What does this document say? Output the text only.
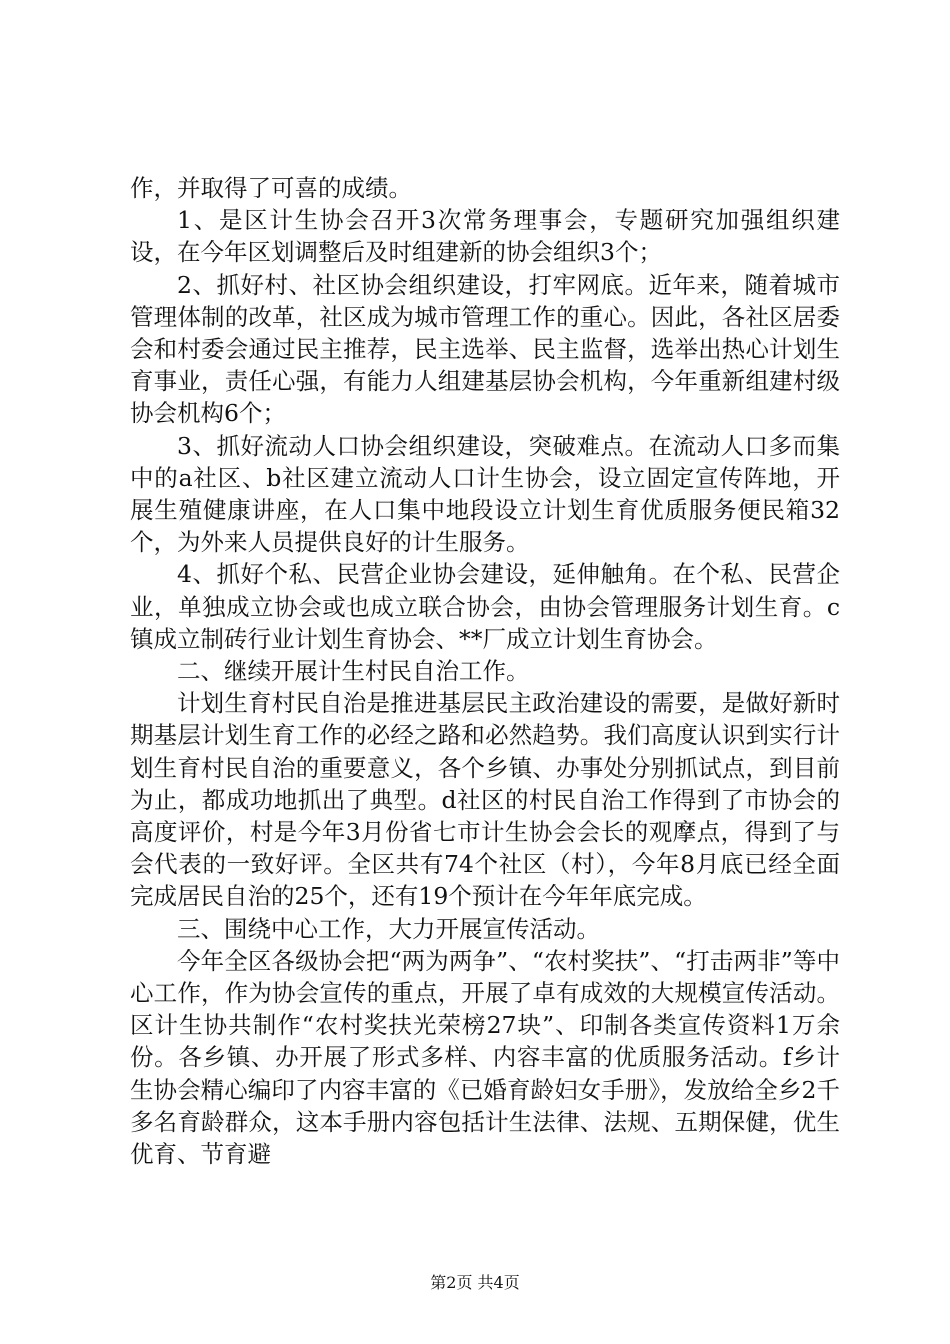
作，并取得了可喜的成绩。

1、是区计生协会召开3次常务理事会，专题研究加强组织建设，在今年区划调整后及时组建新的协会组织3个；

2、抓好村、社区协会组织建设，打牢网底。近年来，随着城市管理体制的改革，社区成为城市管理工作的重心。因此，各社区居委会和村委会通过民主推荐，民主选举、民主监督，选举出热心计划生育事业，责任心强，有能力人组建基层协会机构，今年重新组建村级协会机构6个；

3、抓好流动人口协会组织建设，突破难点。在流动人口多而集中的a社区、b社区建立流动人口计生协会，设立固定宣传阵地，开展生殖健康讲座，在人口集中地段设立计划生育优质服务便民箱32个，为外来人员提供良好的计生服务。

4、抓好个私、民营企业协会建设，延伸触角。在个私、民营企业，单独成立协会或也成立联合协会，由协会管理服务计划生育。c镇成立制砖行业计划生育协会、**厂成立计划生育协会。

二、继续开展计生村民自治工作。

计划生育村民自治是推进基层民主政治建设的需要，是做好新时期基层计划生育工作的必经之路和必然趋势。我们高度认识到实行计划生育村民自治的重要意义，各个乡镇、办事处分别抓试点，到目前为止，都成功地抓出了典型。d社区的村民自治工作得到了市协会的高度评价，村是今年3月份省七市计生协会会长的观摩点，得到了与会代表的一致好评。全区共有74个社区（村），今年8月底已经全面完成居民自治的25个，还有19个预计在今年年底完成。

三、围绕中心工作，大力开展宣传活动。

今年全区各级协会把“两为两争”、“农村奖扶”、“打击两非”等中心工作，作为协会宣传的重点，开展了卓有成效的大规模宣传活动。区计生协共制作“农村奖扶光荣榜27块”、印制各类宣传资料1万余份。各乡镇、办开展了形式多样、内容丰富的优质服务活动。f乡计生协会精心编印了内容丰富的《已婚育龄妇女手册》，发放给全乡2千多名育龄群众，这本手册内容包括计生法律、法规、五期保健，优生优育、节育避

第2页 共4页
